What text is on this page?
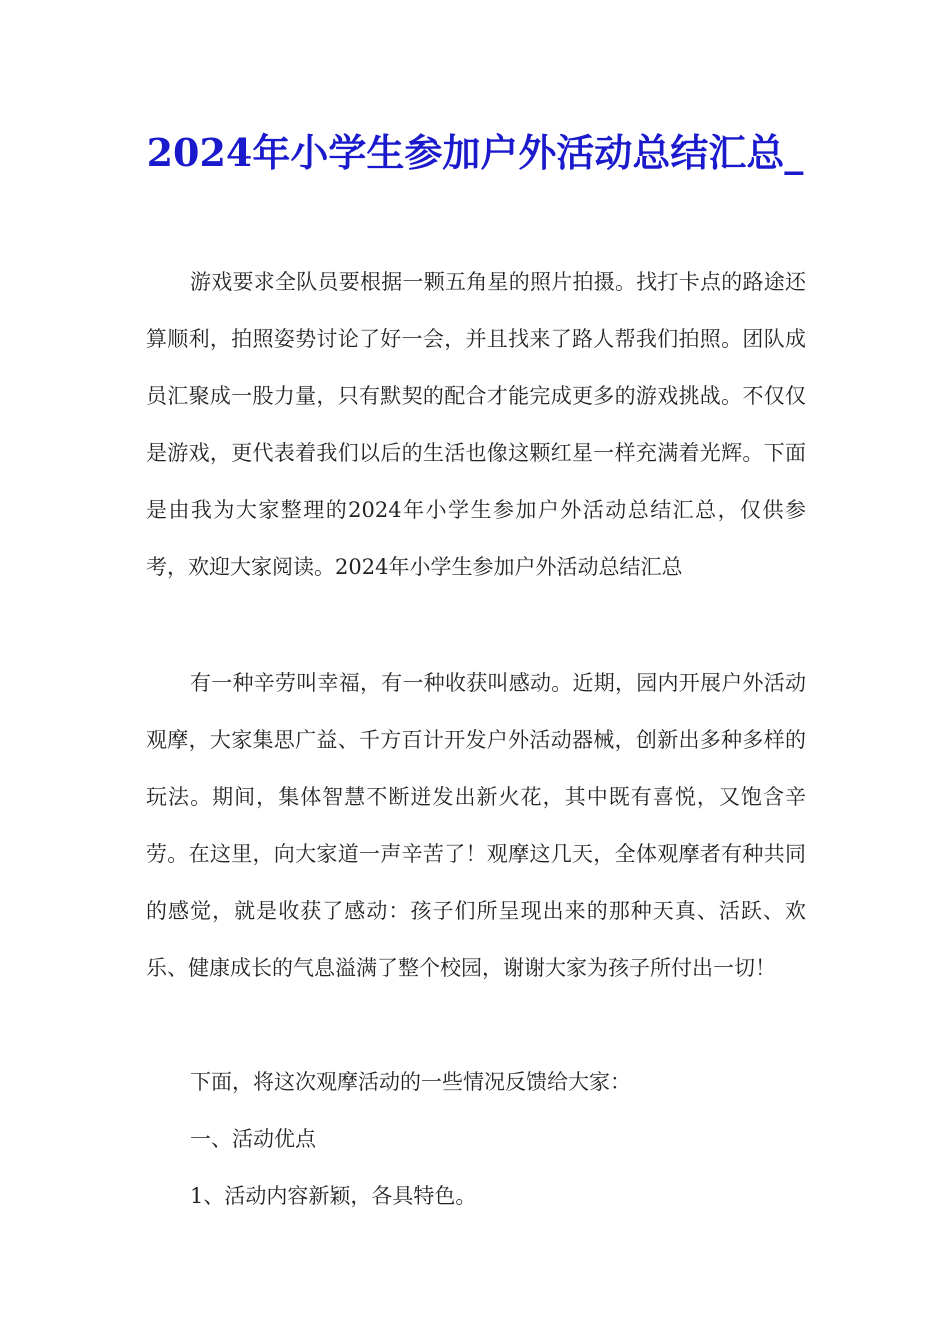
2024年小学生参加户外活动总结汇总_

游戏要求全队员要根据一颗五角星的照片拍摄。找打卡点的路途还算顺利，拍照姿势讨论了好一会，并且找来了路人帮我们拍照。团队成员汇聚成一股力量，只有默契的配合才能完成更多的游戏挑战。不仅仅是游戏，更代表着我们以后的生活也像这颗红星一样充满着光辉。下面是由我为大家整理的2024年小学生参加户外活动总结汇总，仅供参考，欢迎大家阅读。2024年小学生参加户外活动总结汇总

有一种辛劳叫幸福，有一种收获叫感动。近期，园内开展户外活动观摩，大家集思广益、千方百计开发户外活动器械，创新出多种多样的玩法。期间，集体智慧不断迸发出新火花，其中既有喜悦，又饱含辛劳。在这里，向大家道一声辛苦了！观摩这几天，全体观摩者有种共同的感觉，就是收获了感动：孩子们所呈现出来的那种天真、活跃、欢乐、健康成长的气息溢满了整个校园，谢谢大家为孩子所付出一切！

下面，将这次观摩活动的一些情况反馈给大家：

一、活动优点

1、活动内容新颖，各具特色。
